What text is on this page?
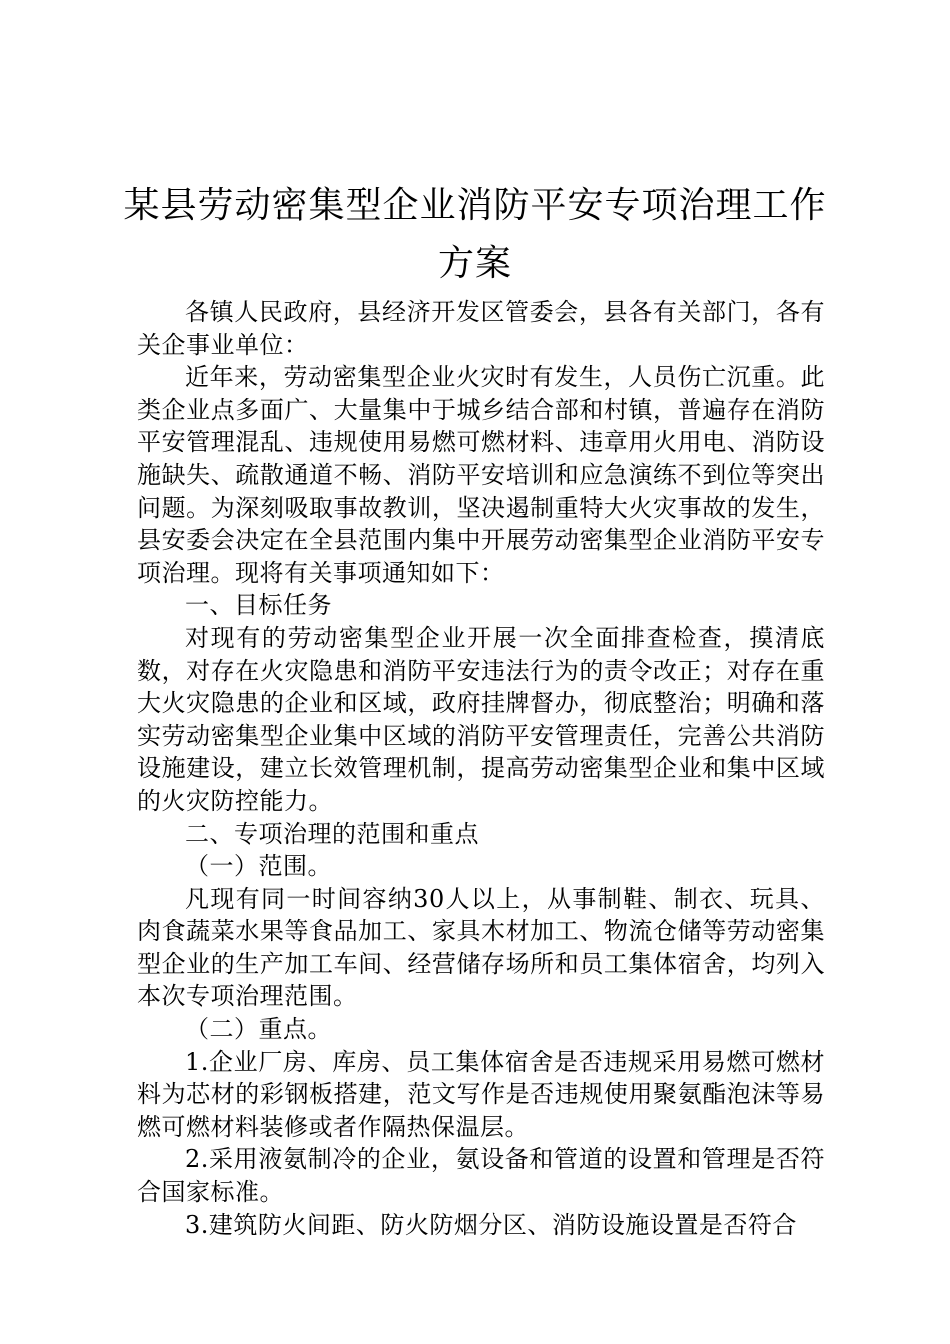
某县劳动密集型企业消防平安专项治理工作
方案

各镇人民政府，县经济开发区管委会，县各有关部门，各有关企事业单位：

近年来，劳动密集型企业火灾时有发生，人员伤亡沉重。此类企业点多面广、大量集中于城乡结合部和村镇，普遍存在消防平安管理混乱、违规使用易燃可燃材料、违章用火用电、消防设施缺失、疏散通道不畅、消防平安培训和应急演练不到位等突出问题。为深刻吸取事故教训，坚决遏制重特大火灾事故的发生，县安委会决定在全县范围内集中开展劳动密集型企业消防平安专项治理。现将有关事项通知如下：

一、目标任务

对现有的劳动密集型企业开展一次全面排查检查，摸清底数，对存在火灾隐患和消防平安违法行为的责令改正；对存在重大火灾隐患的企业和区域，政府挂牌督办，彻底整治；明确和落实劳动密集型企业集中区域的消防平安管理责任，完善公共消防设施建设，建立长效管理机制，提高劳动密集型企业和集中区域的火灾防控能力。

二、专项治理的范围和重点

（一）范围。

凡现有同一时间容纳30人以上，从事制鞋、制衣、玩具、肉食蔬菜水果等食品加工、家具木材加工、物流仓储等劳动密集型企业的生产加工车间、经营储存场所和员工集体宿舍，均列入本次专项治理范围。

（二）重点。

1.企业厂房、库房、员工集体宿舍是否违规采用易燃可燃材料为芯材的彩钢板搭建，范文写作是否违规使用聚氨酯泡沫等易燃可燃材料装修或者作隔热保温层。

2.采用液氨制冷的企业，氨设备和管道的设置和管理是否符合国家标准。

3.建筑防火间距、防火防烟分区、消防设施设置是否符合
